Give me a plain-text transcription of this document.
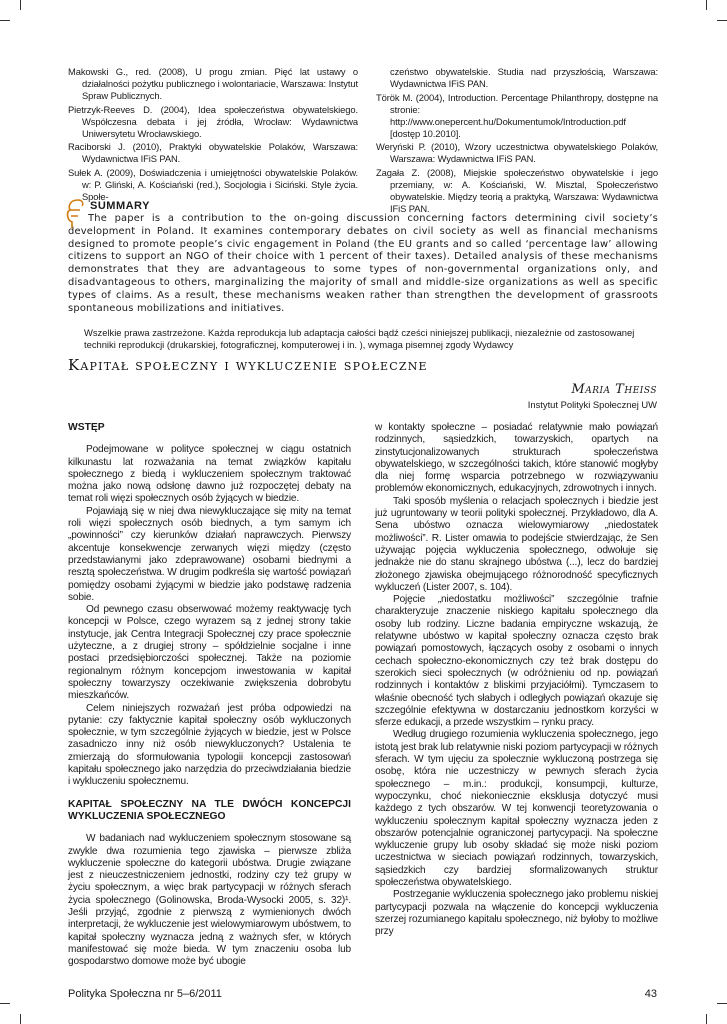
Makowski G., red. (2008), U progu zmian. Pięć lat ustawy o działalności pożytku publicznego i wolontariacie, Warszawa: Instytut Spraw Publicznych.

Pietrzyk-Reeves D. (2004), Idea społeczeństwa obywatelskiego. Współczesna debata i jej źródła, Wrocław: Wydawnictwa Uniwersytetu Wrocławskiego.

Raciborski J. (2010), Praktyki obywatelskie Polaków, Warszawa: Wydawnictwa IFiS PAN.

Sułek A. (2009), Doświadczenia i umiejętności obywatelskie Polaków. w: P. Gliński, A. Kościański (red.), Socjologia i Siciński. Style życia. Społe-

czeństwo obywatelskie. Studia nad przyszłością, Warszawa: Wydawnictwa IFiS PAN.

Török M. (2004), Introduction. Percentage Philanthropy, dostępne na stronie: http://www.onepercent.hu/Dokumentumok/Introduction.pdf [dostęp 10.2010].

Weryński P. (2010), Wzory uczestnictwa obywatelskiego Polaków, Warszawa: Wydawnictwa IFiS PAN.

Zagała Z. (2008), Miejskie społeczeństwo obywatelskie i jego przemiany, w: A. Kościański, W. Misztal, Społeczeństwo obywatelskie. Między teorią a praktyką, Warszawa: Wydawnictwa IFiS PAN.

SUMMARY
The paper is a contribution to the on-going discussion concerning factors determining civil society’s development in Poland. It examines contemporary debates on civil society as well as financial mechanisms designed to promote people’s civic engagement in Poland (the EU grants and so called ‘percentage law’ allowing citizens to support an NGO of their choice with 1 percent of their taxes). Detailed analysis of these mechanisms demonstrates that they are advantageous to some types of non-governmental organizations only, and disadvantageous to others, marginalizing the majority of small and middle-size organizations as well as specific types of claims. As a result, these mechanisms weaken rather than strengthen the development of grassroots spontaneous mobilizations and initiatives.
Wszelkie prawa zastrzeżone. Każda reprodukcja lub adaptacja całości bądź cześci niniejszej publikacji, niezależnie od zastosowanej techniki reprodukcji (drukarskiej, fotograficznej, komputerowej i in. ), wymaga pisemnej zgody Wydawcy
Kapitał społeczny i wykluczenie społeczne
Maria Theiss
Instytut Polityki Społecznej UW

WSTĘP

Podejmowane w polityce społecznej w ciągu ostatnich kilkunastu lat rozważania na temat związków kapitału społecznego z biedą i wykluczeniem społecznym traktować można jako nową odsłonę dawno już rozpoczętej debaty na temat roli więzi społecznych osób żyjących w biedzie.

Pojawiają się w niej dwa niewykluczające się mity na temat roli więzi społecznych osób biednych, a tym samym ich „powinności” czy kierunków działań naprawczych. Pierwszy akcentuje konsekwencje zerwanych więzi między (często przedstawianymi jako zdeprawowane) osobami biednymi a resztą społeczeństwa. W drugim podkreśla się wartość powiązań pomiędzy osobami żyjącymi w biedzie jako podstawę radzenia sobie.

Od pewnego czasu obserwować możemy reaktywację tych koncepcji w Polsce, czego wyrazem są z jednej strony takie instytucje, jak Centra Integracji Społecznej czy prace społecznie użyteczne, a z drugiej strony – spółdzielnie socjalne i inne postaci przedsiębiorczości społecznej. Także na poziomie regionalnym różnym koncepcjom inwestowania w kapitał społeczny towarzyszy oczekiwanie zwiększenia dobrobytu mieszkańców.

Celem niniejszych rozważań jest próba odpowiedzi na pytanie: czy faktycznie kapitał społeczny osób wykluczonych społecznie, w tym szczególnie żyjących w biedzie, jest w Polsce zasadniczo inny niż osób niewykluczonych? Ustalenia te zmierzają do sformułowania typologii koncepcji zastosowań kapitału społecznego jako narzędzia do przeciwdziałania biedzie i wykluczeniu społecznemu.

KAPITAŁ SPOŁECZNY NA TLE DWÓCH KONCEPCJI WYKLUCZENIA SPOŁECZNEGO

W badaniach nad wykluczeniem społecznym stosowane są zwykle dwa rozumienia tego zjawiska – pierwsze zbliża wykluczenie społeczne do kategorii ubóstwa. Drugie związane jest z nieuczestniczeniem jednostki, rodziny czy też grupy w życiu społecznym, a więc brak partycypacji w różnych sferach życia społecznego (Golinowska, Broda-Wysocki 2005, s. 32)¹. Jeśli przyjąć, zgodnie z pierwszą z wymienionych dwóch interpretacji, że wykluczenie jest wielowymiarowym ubóstwem, to kapitał społeczny wyznacza jedną z ważnych sfer, w których manifestować się może bieda. W tym znaczeniu osoba lub gospodarstwo domowe może być ubogie

w kontakty społeczne – posiadać relatywnie mało powiązań rodzinnych, sąsiedzkich, towarzyskich, opartych na zinstytucjonalizowanych strukturach społeczeństwa obywatelskiego, w szczególności takich, które stanowić mogłyby dla niej formę wsparcia potrzebnego w rozwiązywaniu problemów ekonomicznych, edukacyjnych, zdrowotnych i innych.

Taki sposób myślenia o relacjach społecznych i biedzie jest już ugruntowany w teorii polityki społecznej. Przykładowo, dla A. Sena ubóstwo oznacza wielowymiarowy „niedostatek możliwości”. R. Lister omawia to podejście stwierdzając, że Sen używając pojęcia wykluczenia społecznego, odwołuje się jednakże nie do stanu skrajnego ubóstwa (...), lecz do bardziej złożonego zjawiska obejmującego różnorodność specyficznych wykluczeń (Lister 2007, s. 104).

Pojęcie „niedostatku możliwości” szczególnie trafnie charakteryzuje znaczenie niskiego kapitału społecznego dla osoby lub rodziny. Liczne badania empiryczne wskazują, że relatywne ubóstwo w kapitał społeczny oznacza często brak powiązań pomostowych, łączących osoby z osobami o innych cechach społeczno-ekonomicznych czy też brak dostępu do szerokich sieci społecznych (w odróżnieniu od np. powiązań rodzinnych i kontaktów z bliskimi przyjaciółmi). Tymczasem to właśnie obecność tych słabych i odległych powiązań okazuje się szczególnie efektywna w dostarczaniu jednostkom korzyści w sferze edukacji, a przede wszystkim – rynku pracy.

Według drugiego rozumienia wykluczenia społecznego, jego istotą jest brak lub relatywnie niski poziom partycypacji w różnych sferach. W tym ujęciu za społecznie wykluczoną postrzega się osobę, która nie uczestniczy w pewnych sferach życia społecznego – m.in.: produkcji, konsumpcji, kulturze, wypoczynku, choć niekoniecznie eksklusja dotyczyć musi każdego z tych obszarów. W tej konwencji teoretyzowania o wykluczeniu społecznym kapitał społeczny wyznacza jeden z obszarów potencjalnie ograniczonej partycypacji. Na społeczne wykluczenie grupy lub osoby składać się może niski poziom uczestnictwa w sieciach powiązań rodzinnych, towarzyskich, sąsiedzkich czy bardziej sformalizowanych struktur społeczeństwa obywatelskiego.

Postrzeganie wykluczenia społecznego jako problemu niskiej partycypacji pozwala na włączenie do koncepcji wykluczenia szerzej rozumianego kapitału społecznego, niż byłoby to możliwe przy

Polityka Społeczna nr 5–6/2011	43
